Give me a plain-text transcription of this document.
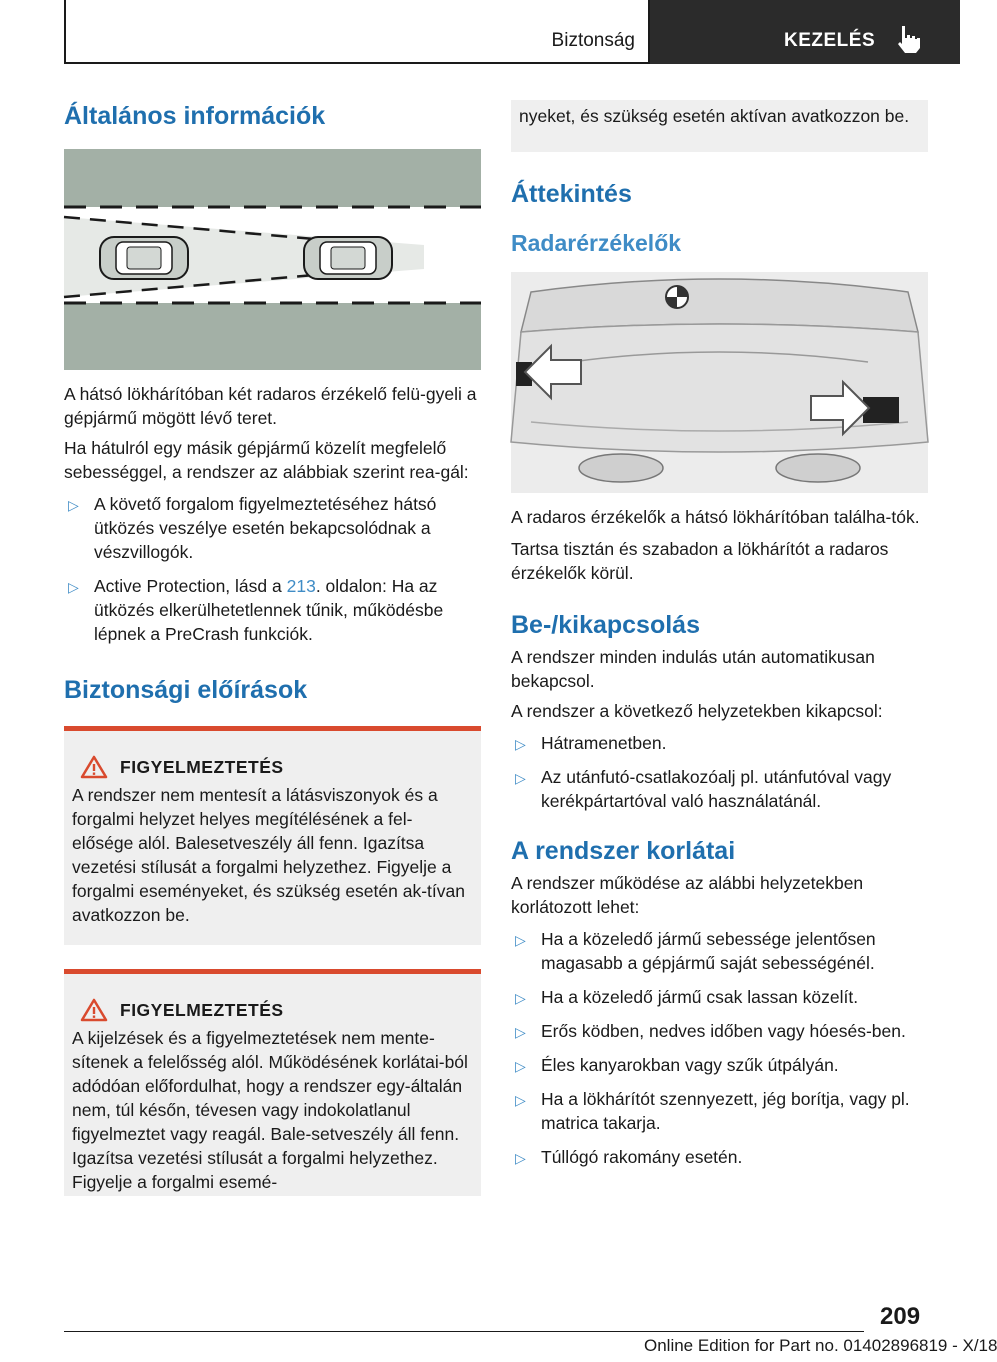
Biztonság	KEZELÉS
Általános információk

A hátsó lökhárítóban két radaros érzékelő felü-gyeli a gépjármű mögött lévő teret.

Ha hátulról egy másik gépjármű közelít megfelelő sebességgel, a rendszer az alábbiak szerint rea-gál:

▷ A követő forgalom figyelmeztetéséhez hátsó ütközés veszélye esetén bekapcsolódnak a vészvillogók.
▷ Active Protection, lásd a 213. oldalon: Ha az ütközés elkerülhetetlennek tűnik, működésbe lépnek a PreCrash funkciók.
Biztonsági előírások
FIGYELMEZTETÉS

A rendszer nem mentesít a látásviszonyok és a forgalmi helyzet helyes megítélésének a fel-elősége alól. Balesetveszély áll fenn. Igazítsa vezetési stílusát a forgalmi helyzethez. Figyelje a forgalmi eseményeket, és szükség esetén ak-tívan avatkozzon be.

FIGYELMEZTETÉS

A kijelzések és a figyelmeztetések nem mente-sítenek a felelősség alól. Működésének korlátai-ból adódóan előfordulhat, hogy a rendszer egy-általán nem, túl későn, tévesen vagy indokolatlanul figyelmeztet vagy reagál. Bale-setveszély áll fenn. Igazítsa vezetési stílusát a forgalmi helyzethez. Figyelje a forgalmi esemé-

nyeket, és szükség esetén aktívan avatkozzon be.

Áttekintés
Radarérzékelők

A radaros érzékelők a hátsó lökhárítóban találha-tók.

Tartsa tisztán és szabadon a lökhárítót a radaros érzékelők körül.

Be-/kikapcsolás

A rendszer minden indulás után automatikusan bekapcsol.

A rendszer a következő helyzetekben kikapcsol:

▷ Hátramenetben.
▷ Az utánfutó-csatlakozóalj pl. utánfutóval vagy kerékpártartóval való használatánál.
A rendszer korlátai

A rendszer működése az alábbi helyzetekben korlátozott lehet:

▷ Ha a közeledő jármű sebessége jelentősen magasabb a gépjármű saját sebességénél.
▷ Ha a közeledő jármű csak lassan közelít.
▷ Erős ködben, nedves időben vagy hóesés-ben.
▷ Éles kanyarokban vagy szűk útpályán.
▷ Ha a lökhárítót szennyezett, jég borítja, vagy pl. matrica takarja.
▷ Túllógó rakomány esetén.
209
Online Edition for Part no. 01402896819 - X/18
